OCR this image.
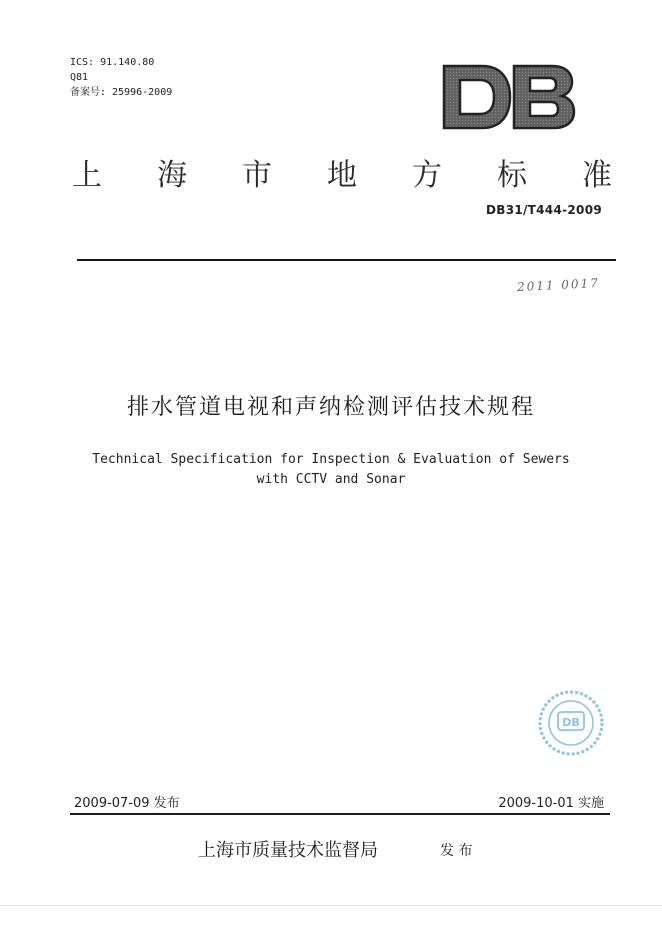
ICS: 91.140.80
Q81
备案号: 25996-2009
上 海 市 地 方 标 准
DB31/T444-2009
2011 0017
排水管道电视和声纳检测评估技术规程
Technical Specification for Inspection & Evaluation of Sewers
with CCTV and Sonar
DB
2009-07-09 发布	2009-10-01 实施
上海市质量技术监督局	发 布
